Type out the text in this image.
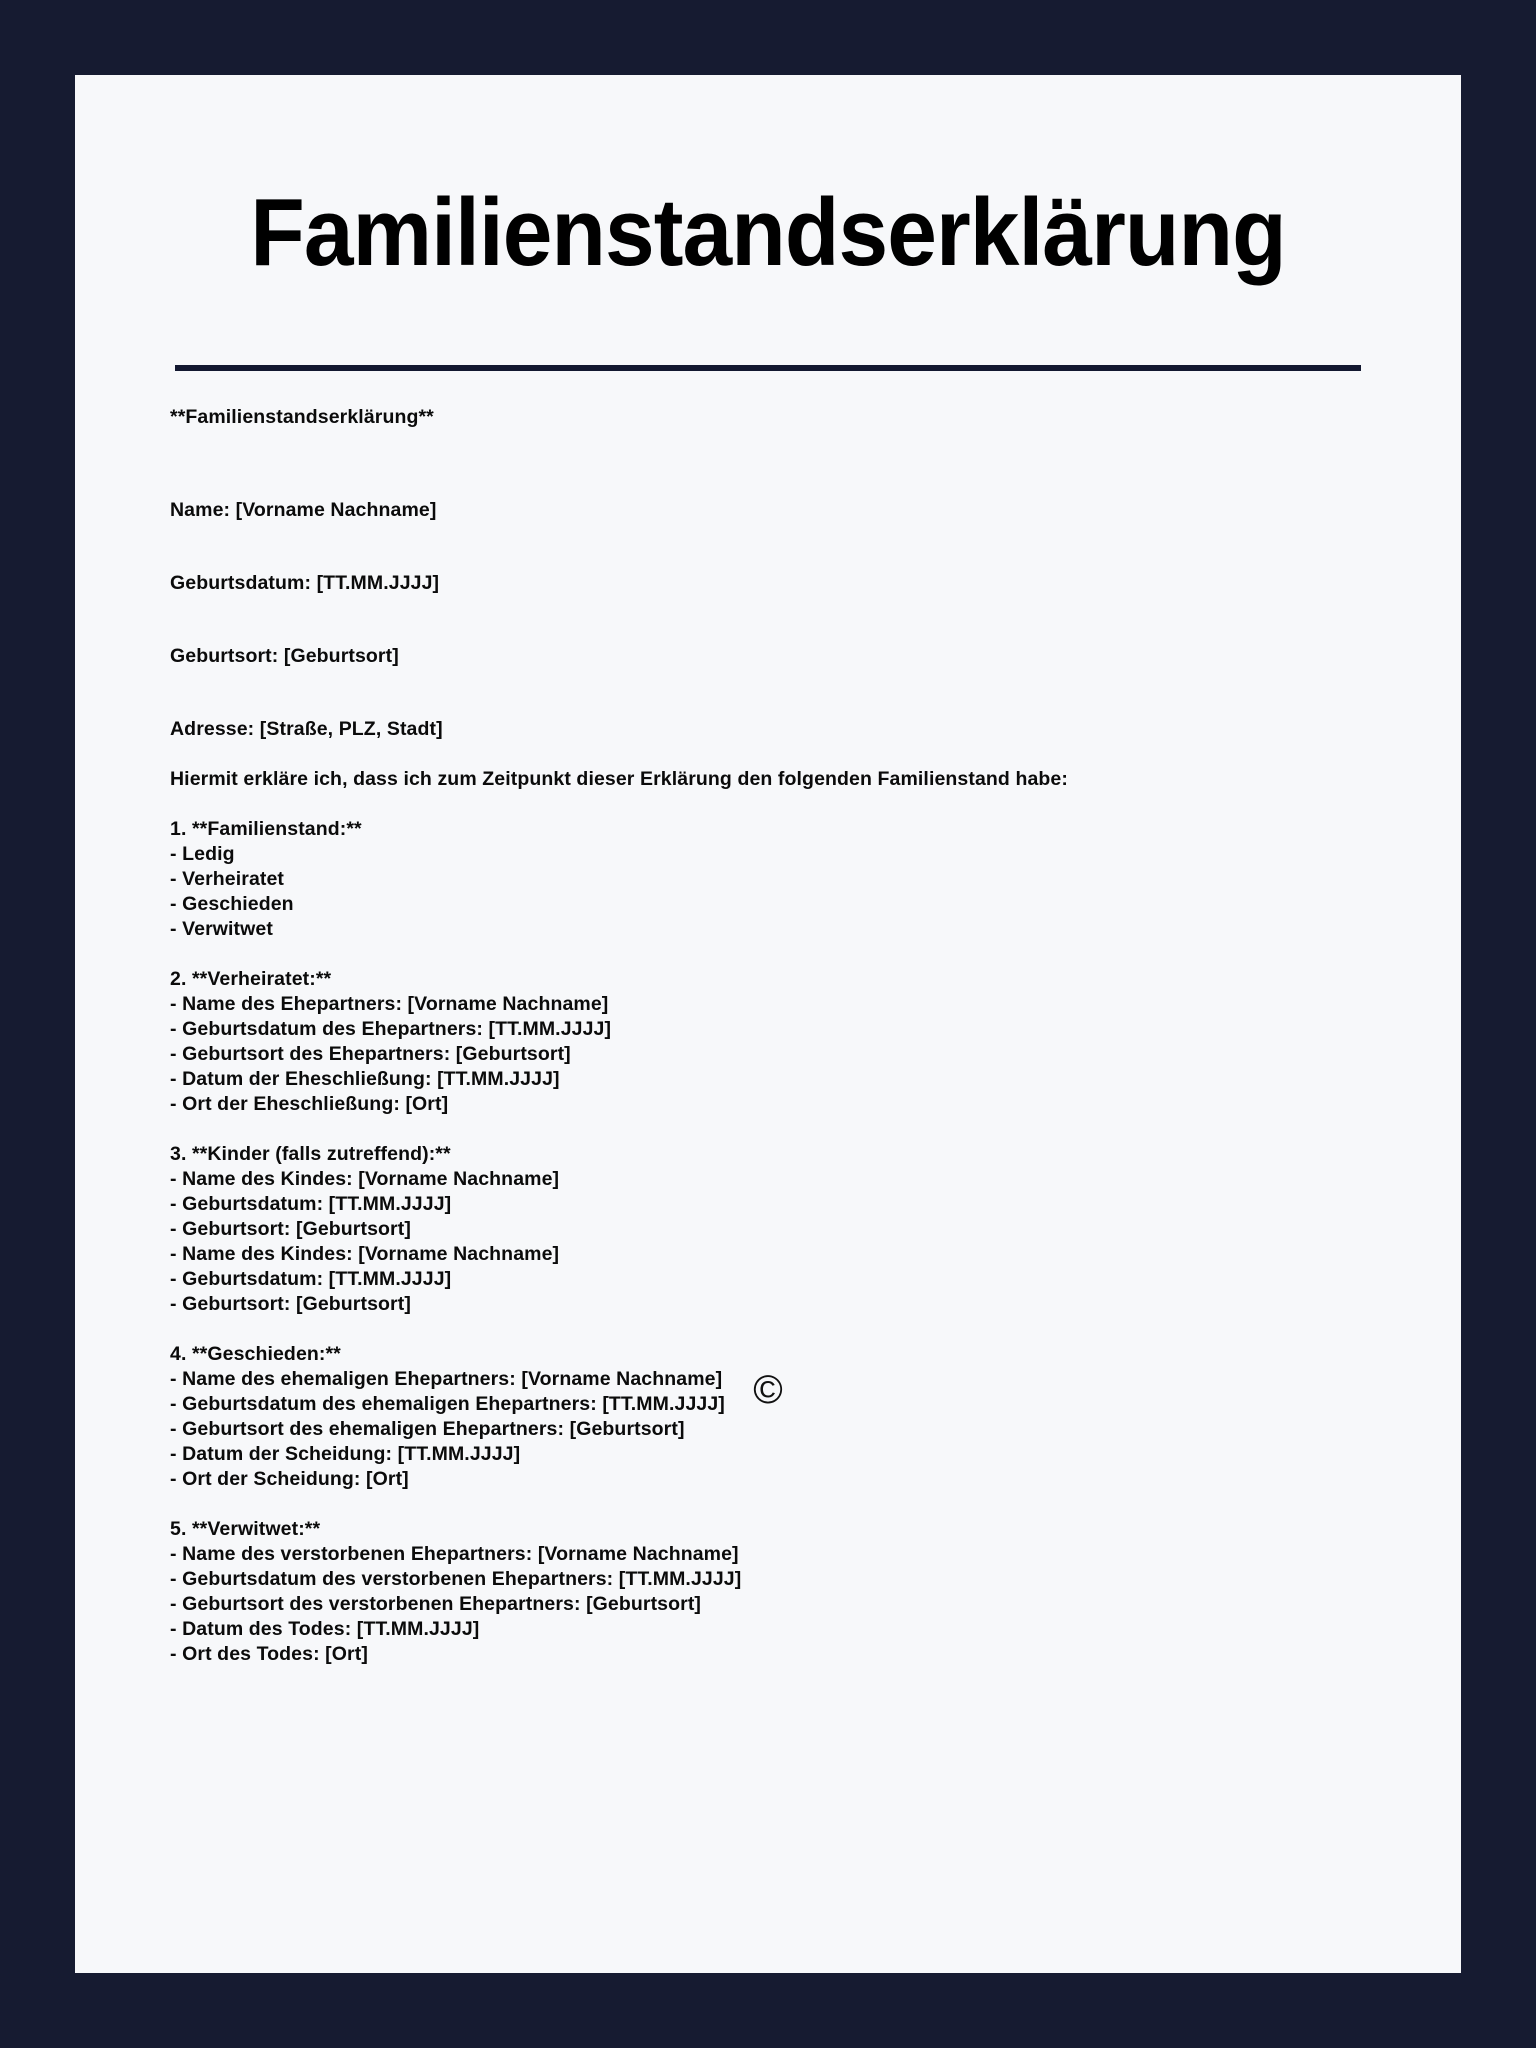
Familienstandserklärung
**Familienstandserklärung**
Name: [Vorname Nachname]
Geburtsdatum: [TT.MM.JJJJ]
Geburtsort: [Geburtsort]
Adresse: [Straße, PLZ, Stadt]
Hiermit erkläre ich, dass ich zum Zeitpunkt dieser Erklärung den folgenden Familienstand habe:
1. **Familienstand:**
- Ledig
- Verheiratet
- Geschieden
- Verwitwet
2. **Verheiratet:**
- Name des Ehepartners: [Vorname Nachname]
- Geburtsdatum des Ehepartners: [TT.MM.JJJJ]
- Geburtsort des Ehepartners: [Geburtsort]
- Datum der Eheschließung: [TT.MM.JJJJ]
- Ort der Eheschließung: [Ort]
3. **Kinder (falls zutreffend):**
- Name des Kindes: [Vorname Nachname]
- Geburtsdatum: [TT.MM.JJJJ]
- Geburtsort: [Geburtsort]
- Name des Kindes: [Vorname Nachname]
- Geburtsdatum: [TT.MM.JJJJ]
- Geburtsort: [Geburtsort]
4. **Geschieden:**
- Name des ehemaligen Ehepartners: [Vorname Nachname]
- Geburtsdatum des ehemaligen Ehepartners: [TT.MM.JJJJ]
- Geburtsort des ehemaligen Ehepartners: [Geburtsort]
- Datum der Scheidung: [TT.MM.JJJJ]
- Ort der Scheidung: [Ort]
5. **Verwitwet:**
- Name des verstorbenen Ehepartners: [Vorname Nachname]
- Geburtsdatum des verstorbenen Ehepartners: [TT.MM.JJJJ]
- Geburtsort des verstorbenen Ehepartners: [Geburtsort]
- Datum des Todes: [TT.MM.JJJJ]
- Ort des Todes: [Ort]
©
